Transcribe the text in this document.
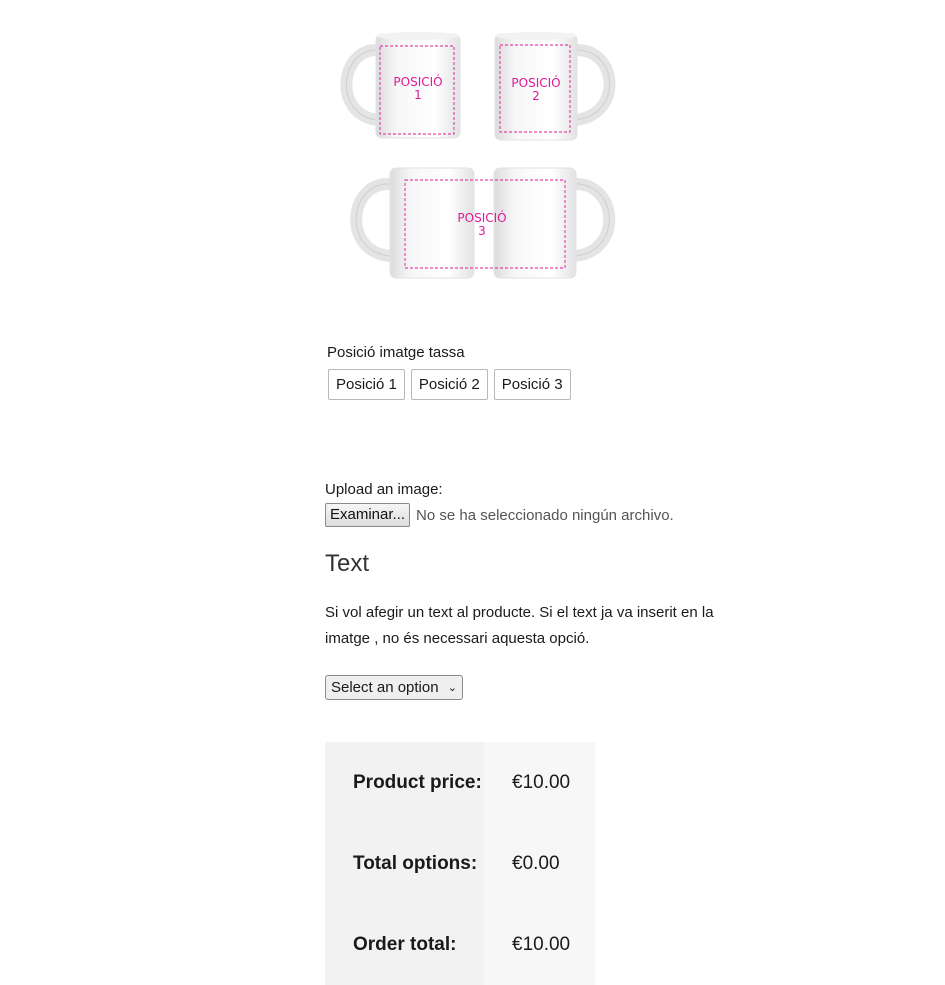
POSICIÓ
1
POSICIÓ
2
POSICIÓ
3
Posició imatge tassa
Posició 1	Posició 2	Posició 3
Upload an image:
Examinar... No se ha seleccionado ningún archivo.
Text

Si vol afegir un text al producte. Si el text ja va inserit en la imatge , no és necessari aquesta opció.

Select an option ⌄
Product price:	€10.00
Total options:	€0.00
Order total:	€10.00
